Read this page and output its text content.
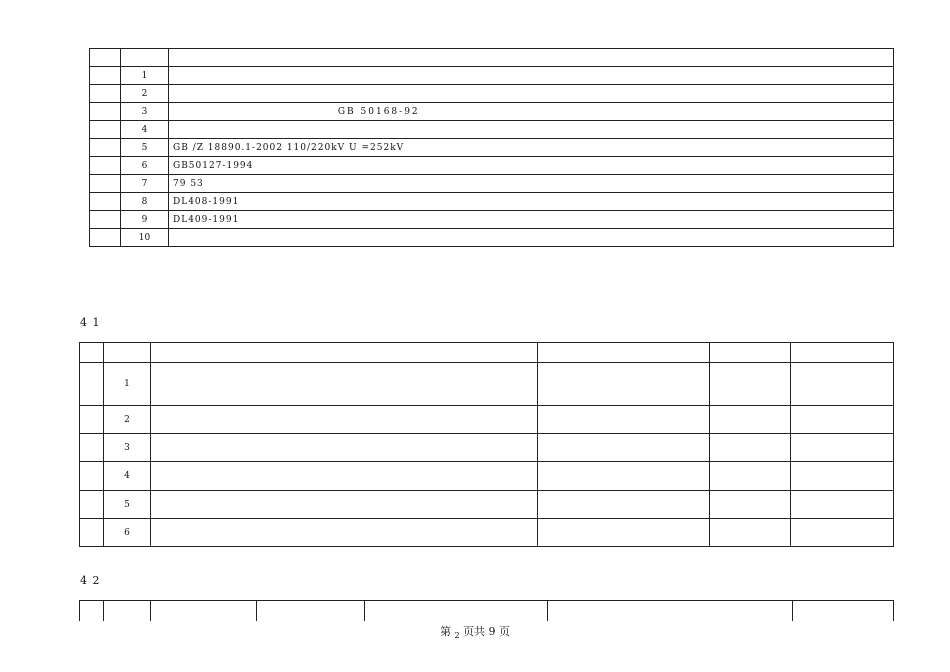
	1	
	2	
	3	GB 50168-92
	4	
	5	GB /Z 18890.1-2002 110/220kV U =252kV
	6	GB50127-1994
	7	79 53
	8	DL408-1991
	9	DL409-1991
	10	
4 1

	1				
	2				
	3				
	4				
	5				
	6				
4 2

第 $_2$ 页共 9 页
